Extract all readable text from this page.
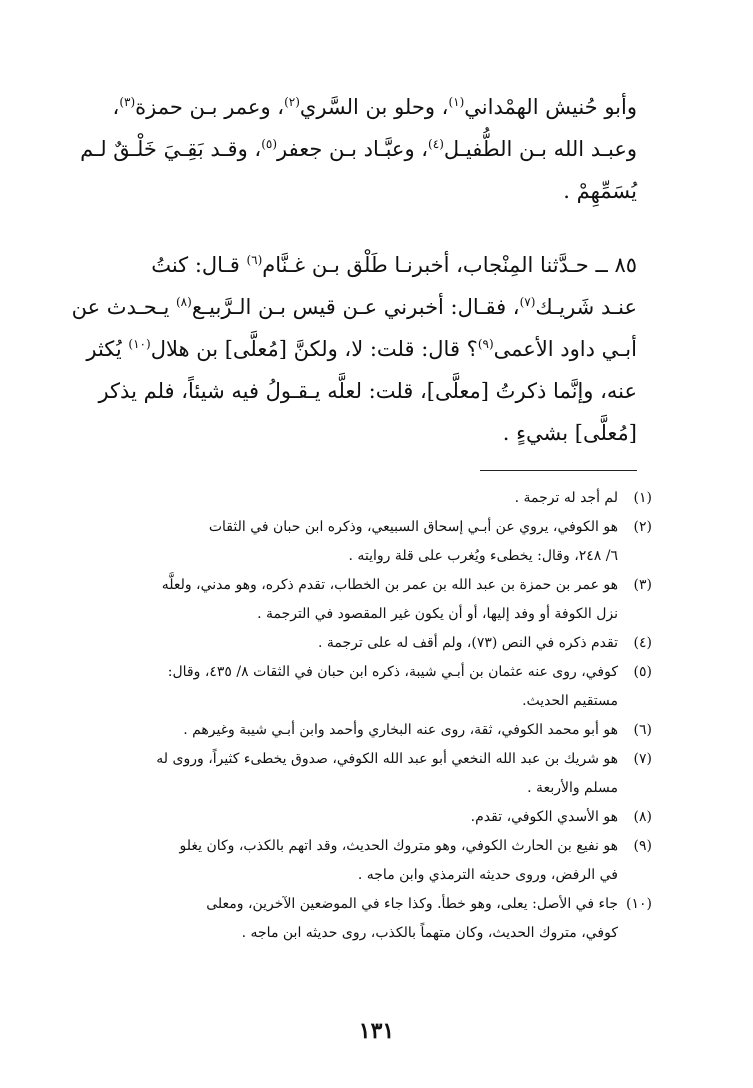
وأبو حُنيش الهمْداني$^{(١)}$، وحلو بن السَّري$^{(٢)}$، وعمر بـن حمزة$^{(٣)}$،
وعبـد الله بـن الطُّفيـل$^{(٤)}$، وعبَّـاد بـن جعفر$^{(٥)}$، وقـد بَقِـيَ خَلْـقٌ لـم
يُسَمِّهِمْ .

٨٥ ــ حـدَّثنا المِنْجاب، أخبرنـا طَلْق بـن غـنَّام$^{(٦)}$ قـال: كنتُ
عنـد شَريـك$^{(٧)}$، فقـال: أخبرني عـن قيس بـن الـرَّبيـع$^{(٨)}$ يـحـدث عن
أبـي داود الأعمى$^{(٩)}$؟ قال: قلت: لا، ولكنَّ [مُعلَّى] بن هلال$^{(١٠)}$ يُكثر
عنه، وإنَّما ذكرتُ [معلَّى]، قلت: لعلَّه يـقـولُ فيه شيئاً، فلم يذكر
[مُعلَّى] بشيءٍ .

(١)
لم أجد له ترجمة .
(٢)
هو الكوفي، يروي عن أبـي إسحاق السبيعي، وذكره ابن حبان في الثقات
٦/ ٢٤٨، وقال: يخطىء ويُغرب على قلة روايته .
(٣)
هو عمر بن حمزة بن عبد الله بن عمر بن الخطاب، تقدم ذكره، وهو مدني، ولعلَّه
نزل الكوفة أو وفد إليها، أو أن يكون غير المقصود في الترجمة .
(٤)
تقدم ذكره في النص (٧٣)، ولم أقف له على ترجمة .
(٥)
كوفي، روى عنه عثمان بن أبـي شيبة، ذكره ابن حبان في الثقات ٨/ ٤٣٥، وقال:
مستقيم الحديث.
(٦)
هو أبو محمد الكوفي، ثقة، روى عنه البخاري وأحمد وابن أبـي شيبة وغيرهم .
(٧)
هو شريك بن عبد الله النخعي أبو عبد الله الكوفي، صدوق يخطىء كثيراً، وروى له
مسلم والأربعة .
(٨)
هو الأسدي الكوفي، تقدم.
(٩)
هو نفيع بن الحارث الكوفي، وهو متروك الحديث، وقد اتهم بالكذب، وكان يغلو
في الرفض، وروى حديثه الترمذي وابن ماجه .
(١٠)
جاء في الأصل: يعلى، وهو خطأ. وكذا جاء في الموضعين الآخرين، ومعلى
كوفي، متروك الحديث، وكان متهماً بالكذب، روى حديثه ابن ماجه .
١٣١
